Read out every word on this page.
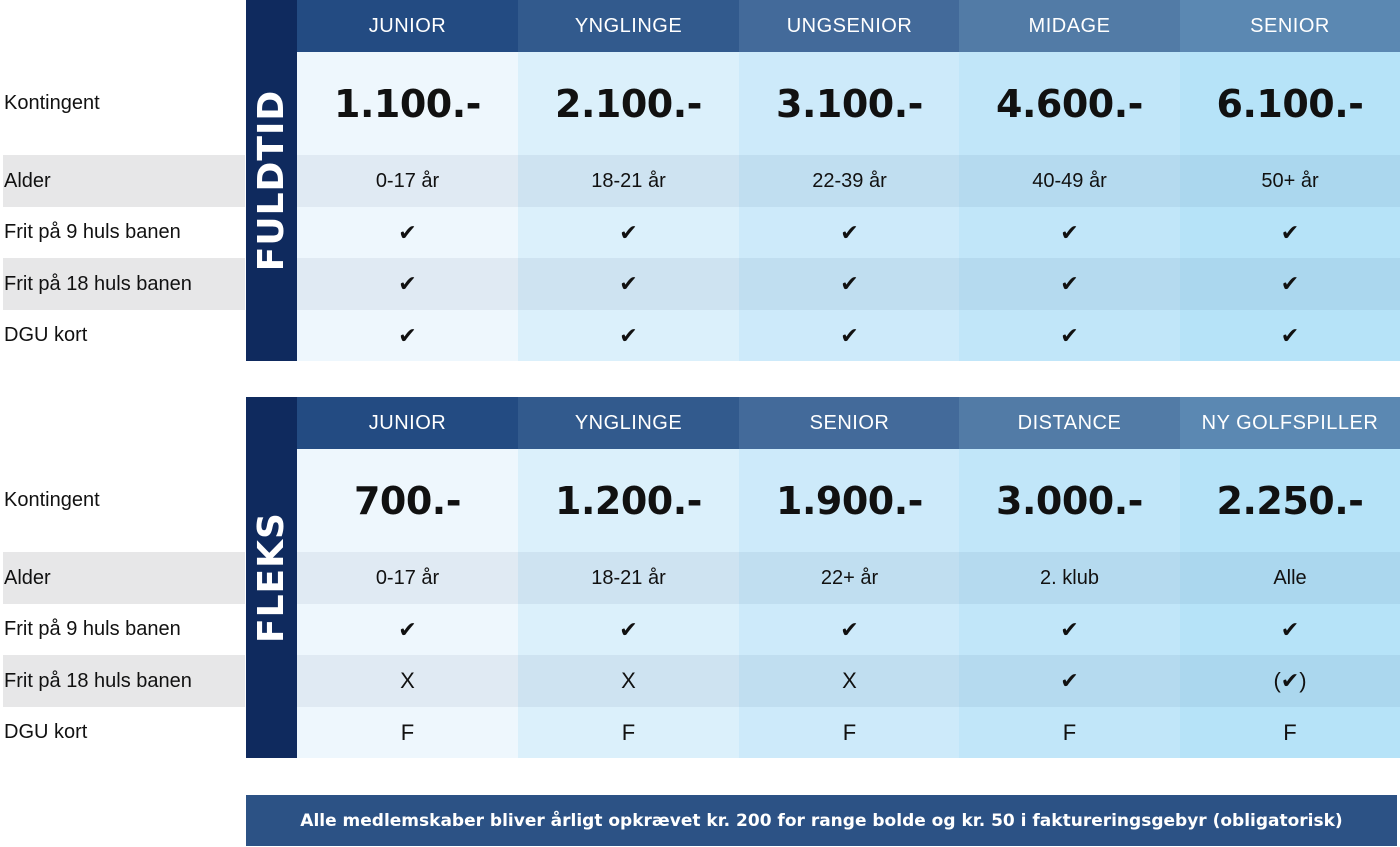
Kontingent
Alder
Frit på 9 huls banen
Frit på 18 huls banen
DGU kort
FULDTID
JUNIOR
1.100.-
0-17 år
✔
✔
✔
YNGLINGE
2.100.-
18-21 år
✔
✔
✔
UNGSENIOR
3.100.-
22-39 år
✔
✔
✔
MIDAGE
4.600.-
40-49 år
✔
✔
✔
SENIOR
6.100.-
50+ år
✔
✔
✔
Kontingent
Alder
Frit på 9 huls banen
Frit på 18 huls banen
DGU kort
FLEKS
JUNIOR
700.-
0-17 år
✔
X
F
YNGLINGE
1.200.-
18-21 år
✔
X
F
SENIOR
1.900.-
22+ år
✔
X
F
DISTANCE
3.000.-
2. klub
✔
✔
F
NY GOLFSPILLER
2.250.-
Alle
✔
(✔)
F
Alle medlemskaber bliver årligt opkrævet kr. 200 for range bolde og kr. 50 i faktureringsgebyr (obligatorisk)
